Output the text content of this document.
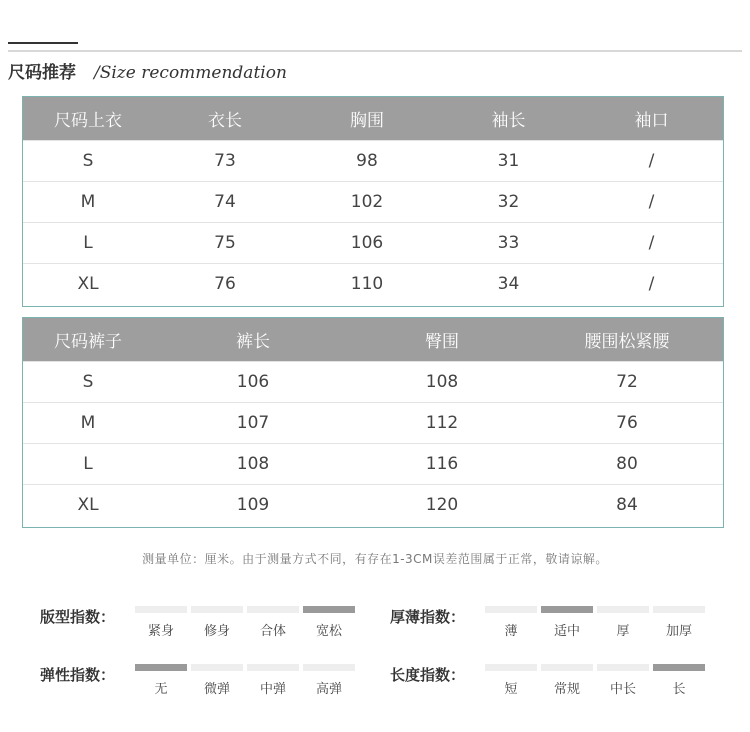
尺码推荐 /Size recommendation
尺码上衣	衣长	胸围	袖长	袖口
S	73	98	31	/
M	74	102	32	/
L	75	106	33	/
XL	76	110	34	/
尺码裤子	裤长	臀围	腰围松紧腰
S	106	108	72
M	107	112	76
L	108	116	80
XL	109	120	84
测量单位：厘米。由于测量方式不同，有存在1-3CM误差范围属于正常，敬请谅解。
版型指数：
紧身	修身	合体	宽松
厚薄指数：
薄	适中	厚	加厚
弹性指数：
无	微弹	中弹	高弹
长度指数：
短	常规	中长	长
